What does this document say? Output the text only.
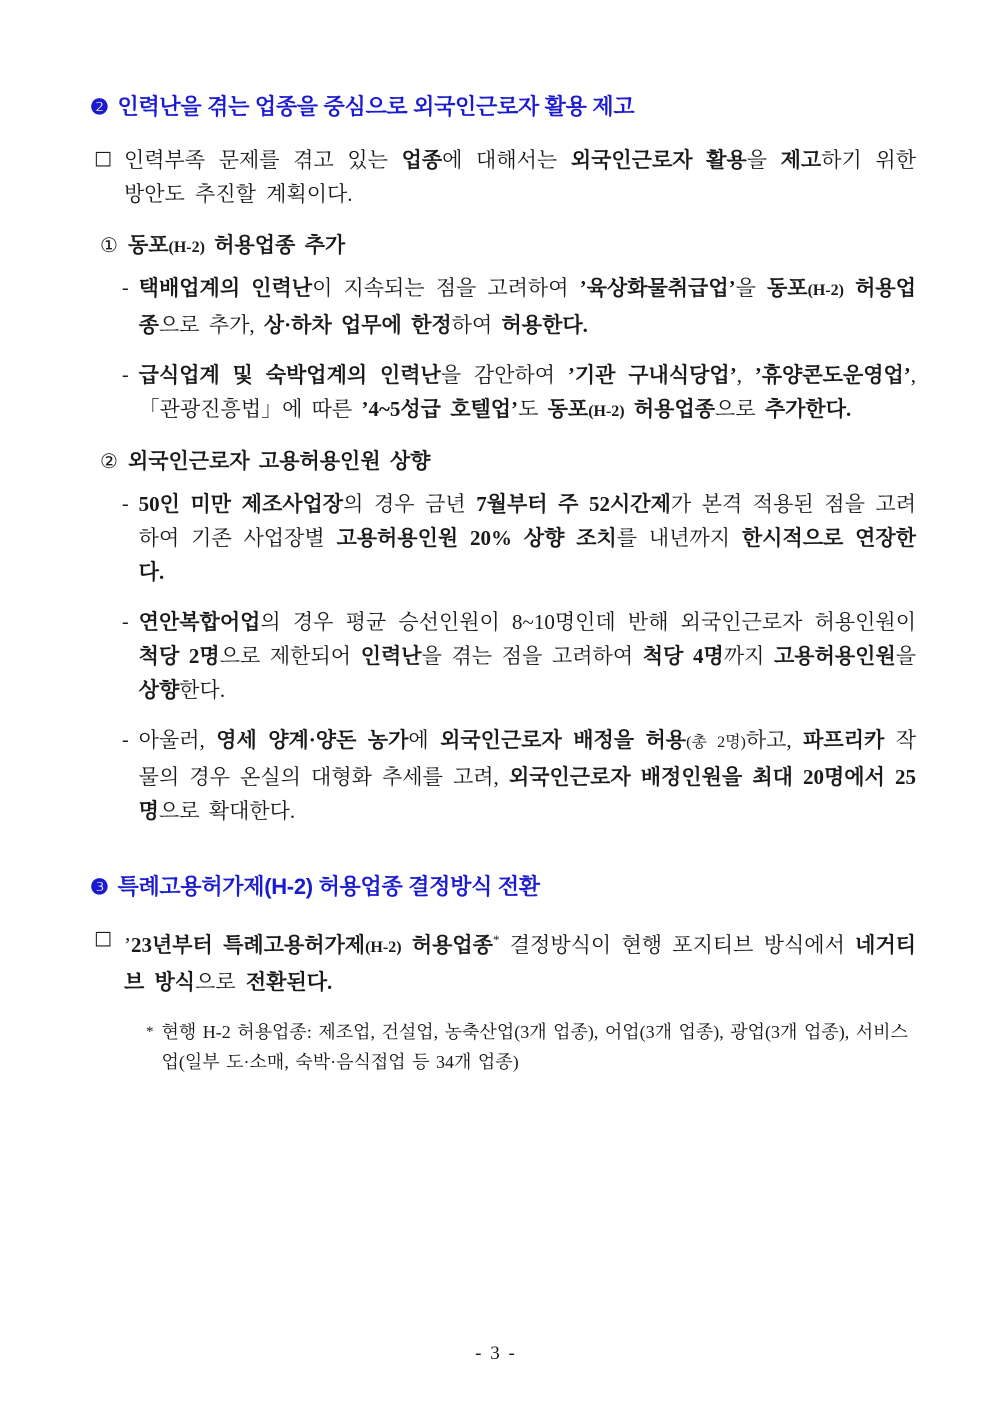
❷ 인력난을 겪는 업종을 중심으로 외국인근로자 활용 제고
□ 인력부족 문제를 겪고 있는 업종에 대해서는 외국인근로자 활용을 제고하기 위한 방안도 추진할 계획이다.
① 동포(H-2) 허용업종 추가
- 택배업계의 인력난이 지속되는 점을 고려하여 ’육상화물취급업’을 동포(H-2) 허용업종으로 추가, 상·하차 업무에 한정하여 허용한다.
- 급식업계 및 숙박업계의 인력난을 감안하여 ’기관 구내식당업’, ’휴양콘도운영업’, 「관광진흥법」에 따른 ’4~5성급 호텔업’도 동포(H-2) 허용업종으로 추가한다.
② 외국인근로자 고용허용인원 상향
- 50인 미만 제조사업장의 경우 금년 7월부터 주 52시간제가 본격 적용된 점을 고려하여 기존 사업장별 고용허용인원 20% 상향 조치를 내년까지 한시적으로 연장한다.
- 연안복합어업의 경우 평균 승선인원이 8~10명인데 반해 외국인근로자 허용인원이 척당 2명으로 제한되어 인력난을 겪는 점을 고려하여 척당 4명까지 고용허용인원을 상향한다.
- 아울러, 영세 양계·양돈 농가에 외국인근로자 배정을 허용(총 2명)하고, 파프리카 작물의 경우 온실의 대형화 추세를 고려, 외국인근로자 배정인원을 최대 20명에서 25명으로 확대한다.
❸ 특례고용허가제(H-2) 허용업종 결정방식 전환
□ ’23년부터 특례고용허가제(H-2) 허용업종* 결정방식이 현행 포지티브 방식에서 네거티브 방식으로 전환된다.
* 현행 H-2 허용업종: 제조업, 건설업, 농축산업(3개 업종), 어업(3개 업종), 광업(3개 업종), 서비스업(일부 도·소매, 숙박·음식접업 등 34개 업종)
- 3 -
